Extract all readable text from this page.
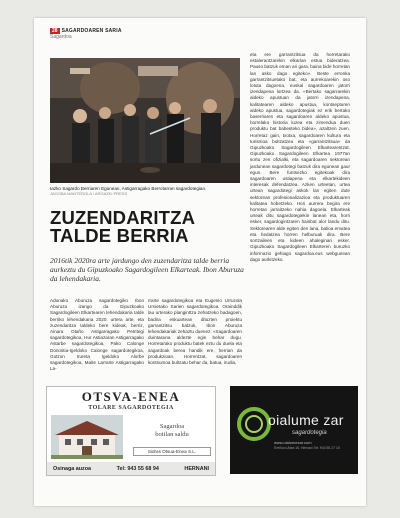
28 SAGARDOAREN SARIA
Sagardoa
Iazko Sagardo Berriaren Egunean, Astigarragako Berrotarran sagardotegian.
JAGOBA MANTEROLA / ARGAZKI PRESS
ZUZENDARITZA
TALDE BERRIA
2016tik 2020ra arte jardungo den zuzendaritza talde berria aurkeztu du Gipuzkoako Sagardogileen Elkarteak. Ibon Aburuza da lehendakaria.
Adunako Aburuza sagardotegiko Ibon Aburuza izango da Gipuzkoako Sagardogileen Elkartearen lehendakaria talde berriko lehendakaria 2020. urtera arte, eta zuzendaritza taldeko bere kideak, berriz, Ainara Otaño Astigarragako Petritegi sagardotegikoa, Hur Astiazaran Astigarragako Astarbe sagardotegikoa, Pako Calonge Donostia-Igeldoko Calonge sagardotegikoa, Gotzon Irureta Igeldoko Alorbe sagardotegikoa, Maite Larrarte Astigarragako La-
rrarte sagardotegikoa eta Eugenio Urruzola Urnietako Sarien sagardotegikoa. Orainddik lau urterako planginttza zehatzeko badagoen, badira eskuartean dituzten proiektu garrantzitsu batzuk, Ibon Aburuza lehendakariak zehaztu duenez: «Sagardoaren duintasuna aldezte egin behar dugu. Horretarako produktu batek eztu du duela eta sagardoak berea handik ere, herrian da produkzioan. Horrentzat, sagardoaren kontsumoa bultzatu behar da, batua, irudia,
eta ere garrantzitsua da horretarako estalerantzarekin elkarlan estua bideratzea. Pauso batzuk eman ari gara, baina bide horretan lan asko dago egiteko». Beste erronka garrantzitsuetako bat, eta aurrekoarekin oso lotuta dagoena, euskal sagardoaren jatorri izendapena lortzea da. «Bertako sagarrarekin aldeko apustuan da jatorri izendapena, kalitatearen aldeko apustua, kontsepturen aldeko apustua, sagardotegiak ez erik bertako baserriaren eta sagardoaren aldeko apustua, horrelako historia luzea eta zimendua duen produktu bat babesteko bidea», azaltzen zuen. Horretaz gain, txotxa, sagardoaren kultura eta turismoa bultzatzea eta «garrantzitsua» da Gipuzkoako Sagardogileen Elkartearentzat. Gipuzkoako Sagardogileen Elkartea 1977an sortu zen ofizialki, eta sagardoaren sektorean jardunean sagardotegi batzuk dira egunean gaur egun. Bere funtsezko egitekoak dira sagardoaren ustiapena eta elkartekideen interesak defendatzea. Azken urteetan, urtea urtean sagardotegi askok lan egiten dute sektorean profesionalizazioa eta produktuaren kalitatea hobetzeko. Hori aurrera begira ere horretan jarraitzeko nahia dagoela. Elkarteak urteak ditu sagardotegiekin lanean eta, horri esker, sagardogintzaren hainbat alor landu ditu. Sektorearen alde egiten den lana, balioa ematea eta hedatzea horren helburuak dira. Bere sortzaileen eta kideen ahaleginari esker. Gipuzkoako Sagardogileen Elkarteren buruzko informazio gehiago sagardoa.eus webgunean dago aurkitzeko.
OTSVA-ENEA
TOLARE SAGARDOTEGIA
Sagardoa
botilan saldu
Sidras Otsua-Enea S.L.
Osinaga auzoa	Tel: 943 55 68 94	HERNANI
oialume zar
sagardotegia
www.oialumezar.com
Ereñozu Atea 16, Hernani Tel: 943 55 27 15
